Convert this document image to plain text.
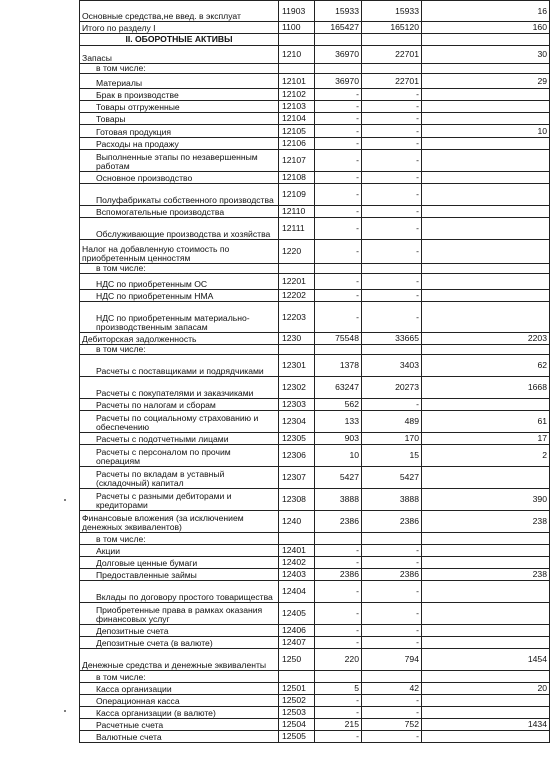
Основные средства,не введ. в эксплуат	11903	15933	15933	16
Итого по разделу I	1100	165427	165120	160
II. ОБОРОТНЫЕ АКТИВЫ				
Запасы	1210	36970	22701	30
в том числе:				
Материалы	12101	36970	22701	29
Брак в производстве	12102	-	-	
Товары отгруженные	12103	-	-	
Товары	12104	-	-	
Готовая продукция	12105	-	-	10
Расходы на продажу	12106	-	-	
Выполненные этапы по незавершенным работам	12107	-	-	
Основное производство	12108	-	-	
Полуфабрикаты собственного производства	12109	-	-	
Вспомогательные производства	12110	-	-	
Обслуживающие производства и хозяйства	12111	-	-	
Налог на добавленную стоимость по приобретенным ценностям	1220	-	-	
в том числе:				
НДС по приобретенным ОС	12201	-	-	
НДС по приобретенным НМА	12202	-	-	
НДС по приобретенным материально-производственным запасам	12203	-	-	
Дебиторская задолженность	1230	75548	33665	2203
в том числе:				
Расчеты с поставщиками и подрядчиками	12301	1378	3403	62
Расчеты с покупателями и заказчиками	12302	63247	20273	1668
Расчеты по налогам и сборам	12303	562	-	
Расчеты по социальному страхованию и обеспечению	12304	133	489	61
Расчеты с подотчетными лицами	12305	903	170	17
Расчеты с персоналом по прочим операциям	12306	10	15	2
Расчеты по вкладам в уставный (складочный) капитал	12307	5427	5427	
Расчеты с разными дебиторами и кредиторами	12308	3888	3888	390
Финансовые вложения (за исключением денежных эквивалентов)	1240	2386	2386	238
в том числе:				
Акции	12401	-	-	
Долговые ценные бумаги	12402	-	-	
Предоставленные займы	12403	2386	2386	238
Вклады по договору простого товарищества	12404	-	-	
Приобретенные права в рамках оказания финансовых услуг	12405	-	-	
Депозитные счета	12406	-	-	
Депозитные счета (в валюте)	12407	-	-	
Денежные средства и денежные эквиваленты	1250	220	794	1454
в том числе:				
Касса организации	12501	5	42	20
Операционная касса	12502	-	-	
Касса организации (в валюте)	12503	-	-	
Расчетные счета	12504	215	752	1434
Валютные счета	12505	-	-	
